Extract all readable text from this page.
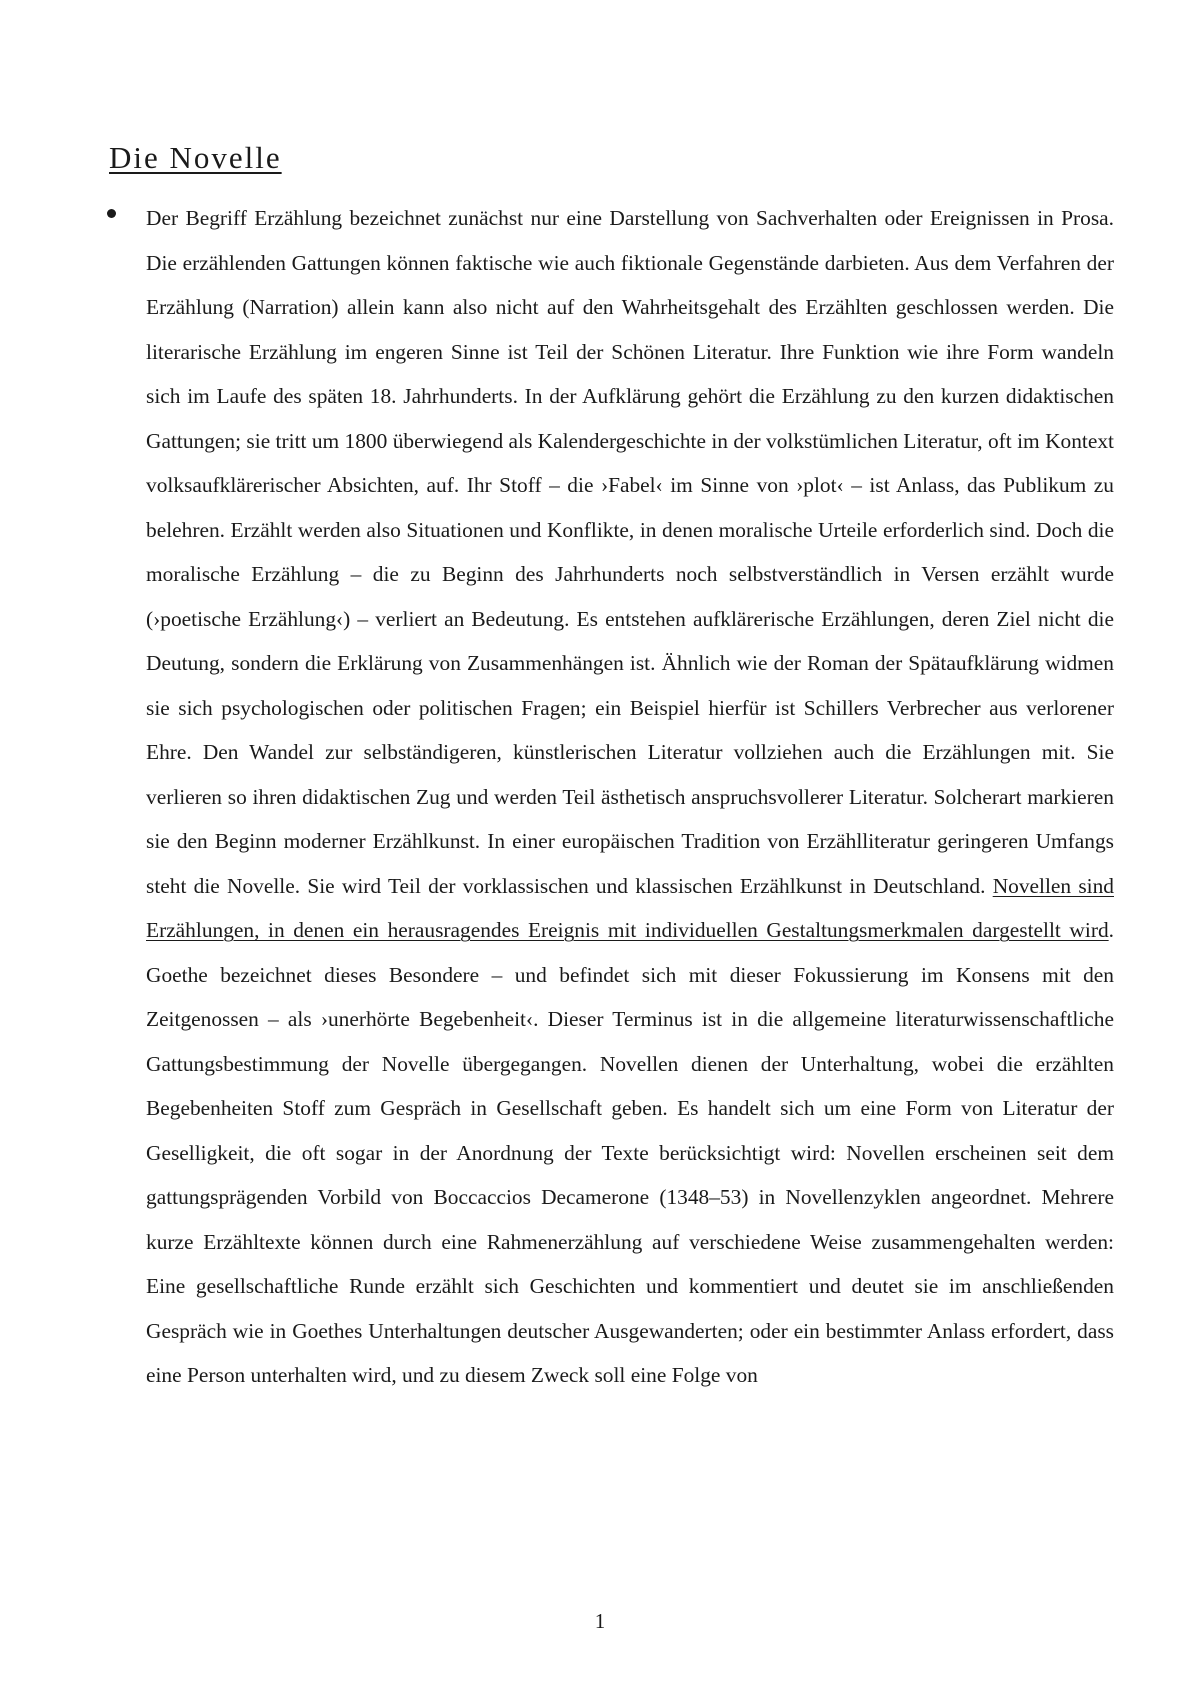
Die Novelle

Der Begriff Erzählung bezeichnet zunächst nur eine Darstellung von Sachverhalten oder Ereignissen in Prosa. Die erzählenden Gattungen können faktische wie auch fiktionale Gegenstände darbieten. Aus dem Verfahren der Erzählung (Narration) allein kann also nicht auf den Wahrheitsgehalt des Erzählten geschlossen werden. Die literarische Erzählung im engeren Sinne ist Teil der Schönen Literatur. Ihre Funktion wie ihre Form wandeln sich im Laufe des späten 18. Jahrhunderts. In der Aufklärung gehört die Erzählung zu den kurzen didaktischen Gattungen; sie tritt um 1800 überwiegend als Kalendergeschichte in der volkstümlichen Literatur, oft im Kontext volksaufklärerischer Absichten, auf. Ihr Stoff – die ›Fabel‹ im Sinne von ›plot‹ – ist Anlass, das Publikum zu belehren. Erzählt werden also Situationen und Konflikte, in denen moralische Urteile erforderlich sind. Doch die moralische Erzählung – die zu Beginn des Jahrhunderts noch selbstverständlich in Versen erzählt wurde (›poetische Erzählung‹) – verliert an Bedeutung. Es entstehen aufklärerische Erzählungen, deren Ziel nicht die Deutung, sondern die Erklärung von Zusammenhängen ist. Ähnlich wie der Roman der Spätaufklärung widmen sie sich psychologischen oder politischen Fragen; ein Beispiel hierfür ist Schillers Verbrecher aus verlorener Ehre. Den Wandel zur selbständigeren, künstlerischen Literatur vollziehen auch die Erzählungen mit. Sie verlieren so ihren didaktischen Zug und werden Teil ästhetisch anspruchsvollerer Literatur. Solcherart markieren sie den Beginn moderner Erzählkunst. In einer europäischen Tradition von Erzählliteratur geringeren Umfangs steht die Novelle. Sie wird Teil der vorklassischen und klassischen Erzählkunst in Deutschland. Novellen sind Erzählungen, in denen ein herausragendes Ereignis mit individuellen Gestaltungsmerkmalen dargestellt wird. Goethe bezeichnet dieses Besondere – und befindet sich mit dieser Fokussierung im Konsens mit den Zeitgenossen – als ›unerhörte Begebenheit‹. Dieser Terminus ist in die allgemeine literaturwissenschaftliche Gattungsbestimmung der Novelle übergegangen. Novellen dienen der Unterhaltung, wobei die erzählten Begebenheiten Stoff zum Gespräch in Gesellschaft geben. Es handelt sich um eine Form von Literatur der Geselligkeit, die oft sogar in der Anordnung der Texte berücksichtigt wird: Novellen erscheinen seit dem gattungsprägenden Vorbild von Boccaccios Decamerone (1348–53) in Novellenzyklen angeordnet. Mehrere kurze Erzähltexte können durch eine Rahmenerzählung auf verschiedene Weise zusammengehalten werden: Eine gesellschaftliche Runde erzählt sich Geschichten und kommentiert und deutet sie im anschließenden Gespräch wie in Goethes Unterhaltungen deutscher Ausgewanderten; oder ein bestimmter Anlass erfordert, dass eine Person unterhalten wird, und zu diesem Zweck soll eine Folge von

1
